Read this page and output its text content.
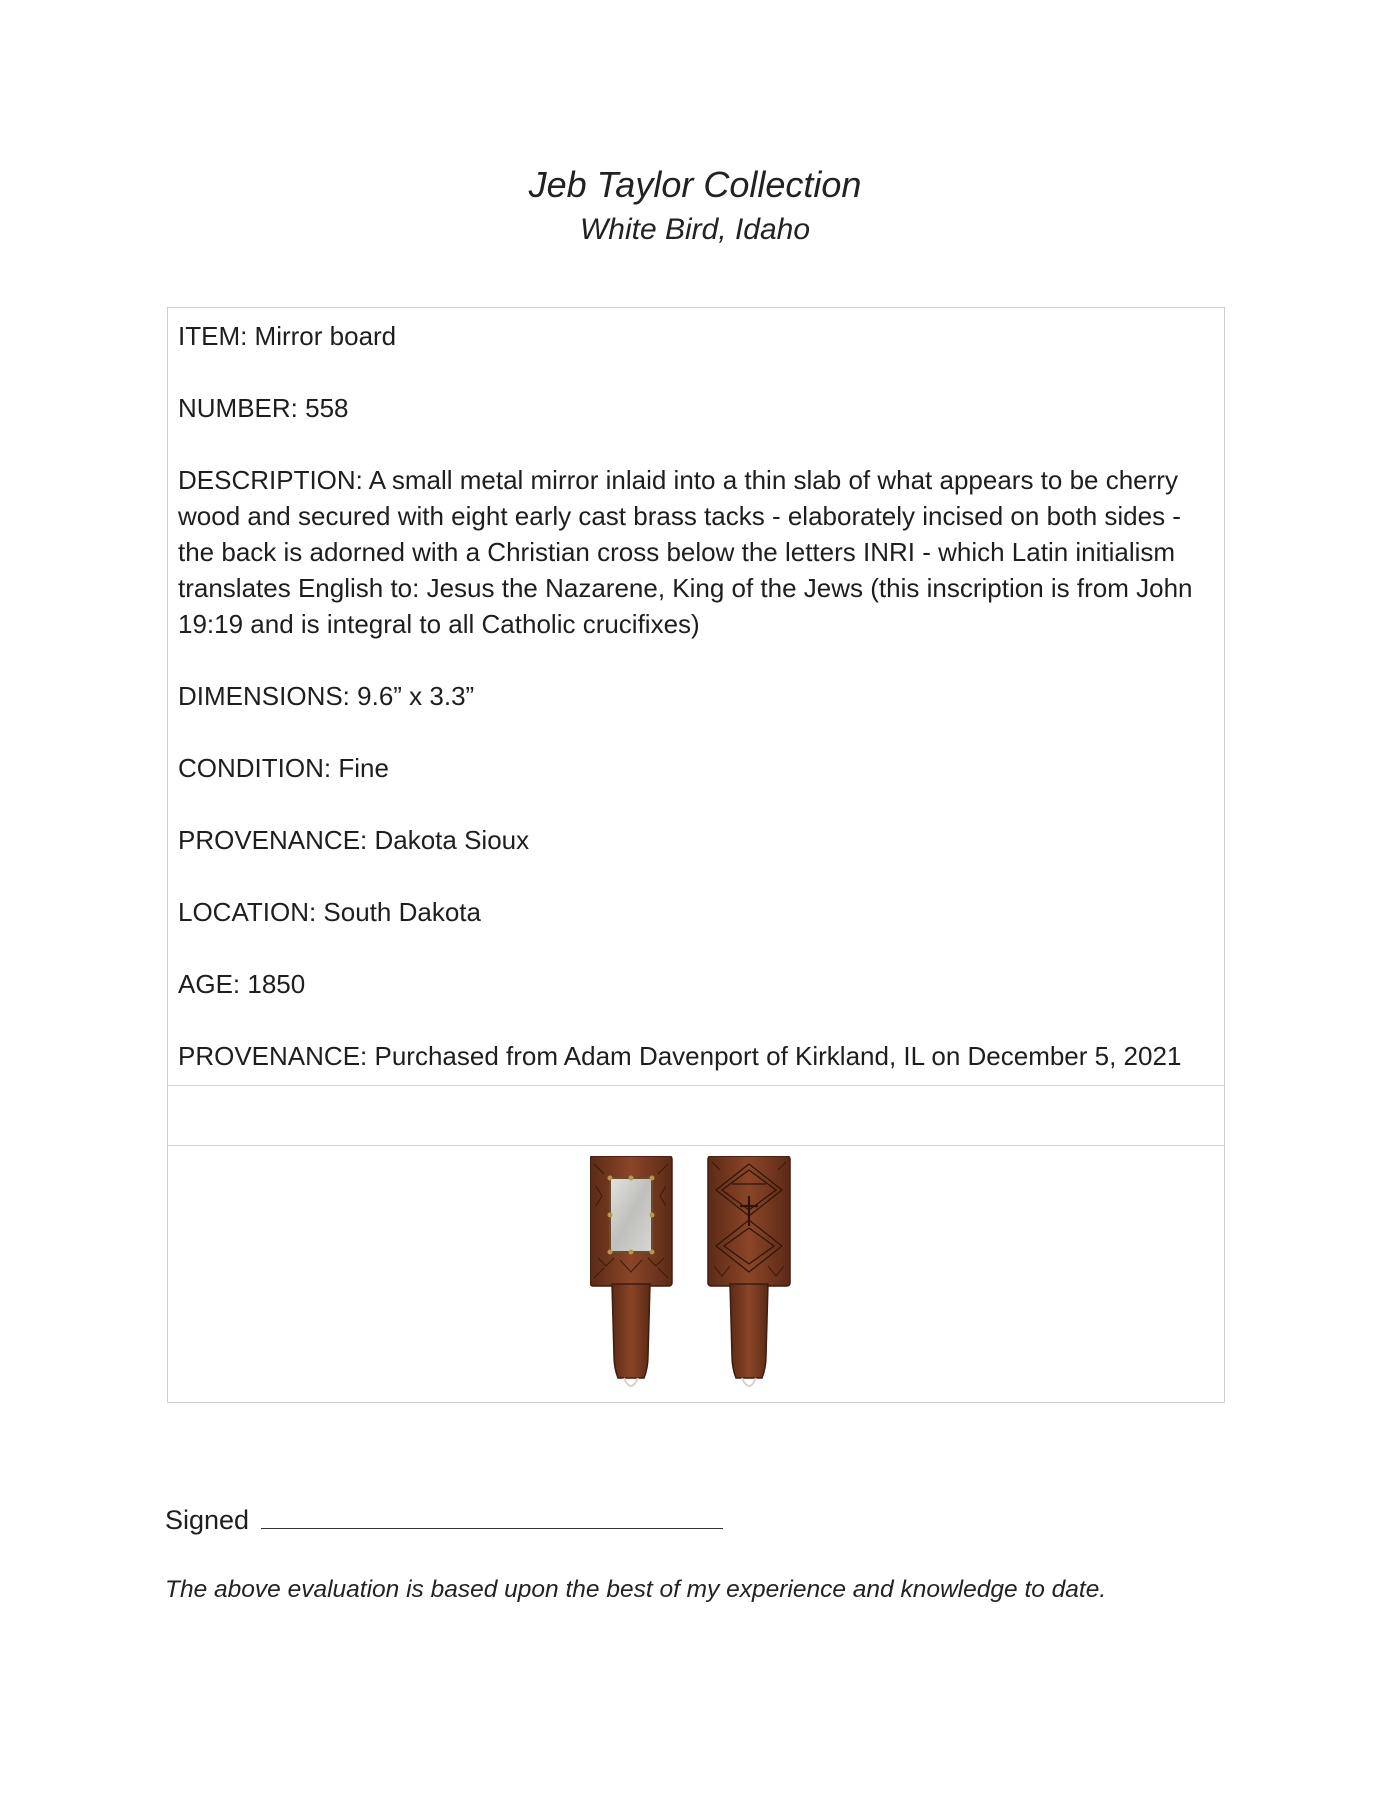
Jeb Taylor Collection
White Bird, Idaho

ITEM: Mirror board

NUMBER: 558

DESCRIPTION: A small metal mirror inlaid into a thin slab of what appears to be cherry wood and secured with eight early cast brass tacks - elaborately incised on both sides - the back is adorned with a Christian cross below the letters INRI - which Latin initialism translates English to: Jesus the Nazarene, King of the Jews (this inscription is from John 19:19 and is integral to all Catholic crucifixes)

DIMENSIONS: 9.6” x 3.3”

CONDITION: Fine

PROVENANCE: Dakota Sioux

LOCATION: South Dakota

AGE: 1850

PROVENANCE: Purchased from Adam Davenport of Kirkland, IL on December 5, 2021

Signed
The above evaluation is based upon the best of my experience and knowledge to date.
